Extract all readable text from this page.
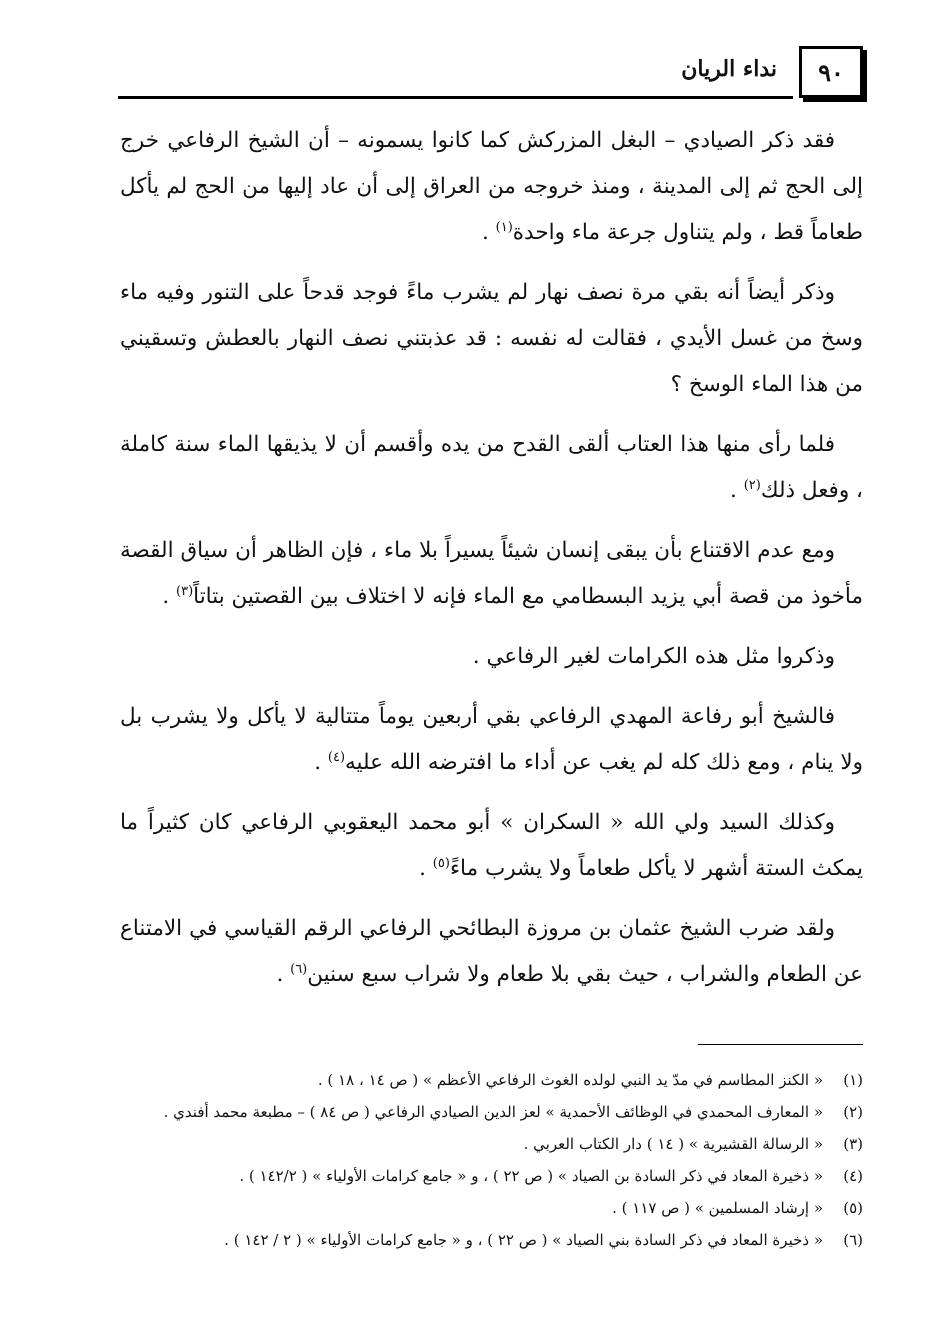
نداء الريان	٩٠

فقد ذكر الصيادي – البغل المزركش كما كانوا يسمونه – أن الشيخ الرفاعي خرج إلى الحج ثم إلى المدينة ، ومنذ خروجه من العراق إلى أن عاد إليها من الحج لم يأكل طعاماً قط ، ولم يتناول جرعة ماء واحدة$^{(١)}$ .

وذكر أيضاً أنه بقي مرة نصف نهار لم يشرب ماءً فوجد قدحاً على التنور وفيه ماء وسخ من غسل الأيدي ، فقالت له نفسه : قد عذبتني نصف النهار بالعطش وتسقيني من هذا الماء الوسخ ؟

فلما رأى منها هذا العتاب ألقى القدح من يده وأقسم أن لا يذيقها الماء سنة كاملة ، وفعل ذلك$^{(٢)}$ .

ومع عدم الاقتناع بأن يبقى إنسان شيئاً يسيراً بلا ماء ، فإن الظاهر أن سياق القصة مأخوذ من قصة أبي يزيد البسطامي مع الماء فإنه لا اختلاف بين القصتين بتاتاً$^{(٣)}$ .

وذكروا مثل هذه الكرامات لغير الرفاعي .

فالشيخ أبو رفاعة المهدي الرفاعي بقي أربعين يوماً متتالية لا يأكل ولا يشرب بل ولا ينام ، ومع ذلك كله لم يغب عن أداء ما افترضه الله عليه$^{(٤)}$ .

وكذلك السيد ولي الله « السكران » أبو محمد اليعقوبي الرفاعي كان كثيراً ما يمكث الستة أشهر لا يأكل طعاماً ولا يشرب ماءً$^{(٥)}$ .

ولقد ضرب الشيخ عثمان بن مروزة البطائحي الرفاعي الرقم القياسي في الامتناع عن الطعام والشراب ، حيث بقي بلا طعام ولا شراب سبع سنين$^{(٦)}$ .

(١)« الكنز المطاسم في مدّ يد النبي لولده الغوث الرفاعي الأعظم » ( ص ١٤ ، ١٨ ) .
(٢)« المعارف المحمدي في الوظائف الأحمدية » لعز الدين الصيادي الرفاعي ( ص ٨٤ ) – مطبعة محمد أفندي .
(٣)« الرسالة القشيرية » ( ١٤ ) دار الكتاب العربي .
(٤)« ذخيرة المعاد في ذكر السادة بن الصياد » ( ص ٢٢ ) ، و « جامع كرامات الأولياء » ( ١٤٢/٢ ) .
(٥)« إرشاد المسلمين » ( ص ١١٧ ) .
(٦)« ذخيرة المعاد في ذكر السادة بني الصياد » ( ص ٢٢ ) ، و « جامع كرامات الأولياء » ( ٢ / ١٤٢ ) .
